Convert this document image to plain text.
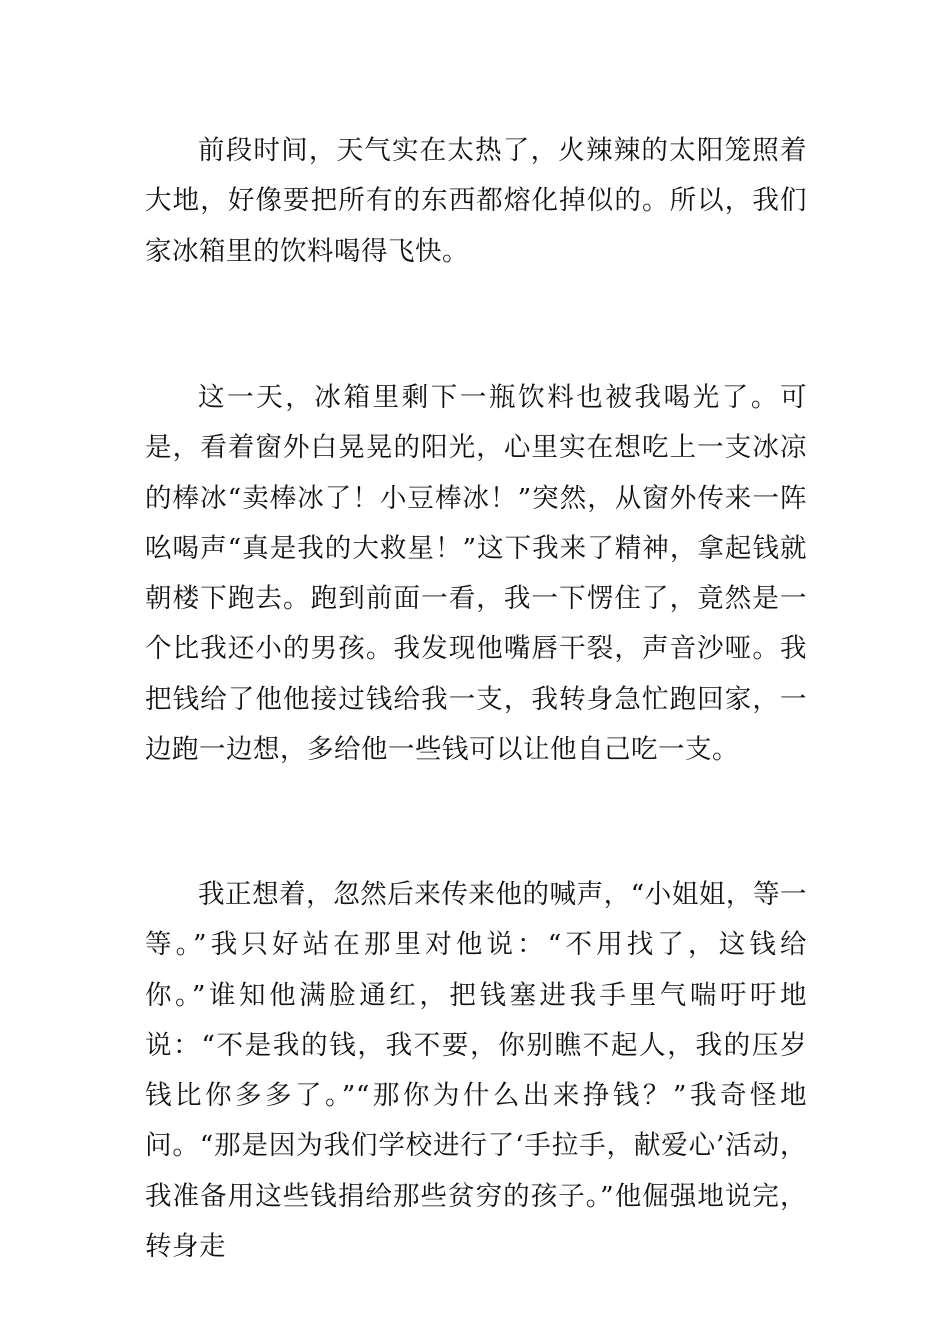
前段时间，天气实在太热了，火辣辣的太阳笼照着大地，好像要把所有的东西都熔化掉似的。所以，我们家冰箱里的饮料喝得飞快。

这一天，冰箱里剩下一瓶饮料也被我喝光了。可是，看着窗外白晃晃的阳光，心里实在想吃上一支冰凉的棒冰“卖棒冰了！小豆棒冰！”突然，从窗外传来一阵吆喝声“真是我的大救星！”这下我来了精神，拿起钱就朝楼下跑去。跑到前面一看，我一下愣住了，竟然是一个比我还小的男孩。我发现他嘴唇干裂，声音沙哑。我把钱给了他他接过钱给我一支，我转身急忙跑回家，一边跑一边想，多给他一些钱可以让他自己吃一支。

我正想着，忽然后来传来他的喊声，“小姐姐，等一等。”我只好站在那里对他说：“不用找了，这钱给你。”谁知他满脸通红，把钱塞进我手里气喘吁吁地说：“不是我的钱，我不要，你别瞧不起人，我的压岁钱比你多多了。”“那你为什么出来挣钱？”我奇怪地问。“那是因为我们学校进行了‘手拉手，献爱心’活动，我准备用这些钱捐给那些贫穷的孩子。”他倔强地说完，转身走
